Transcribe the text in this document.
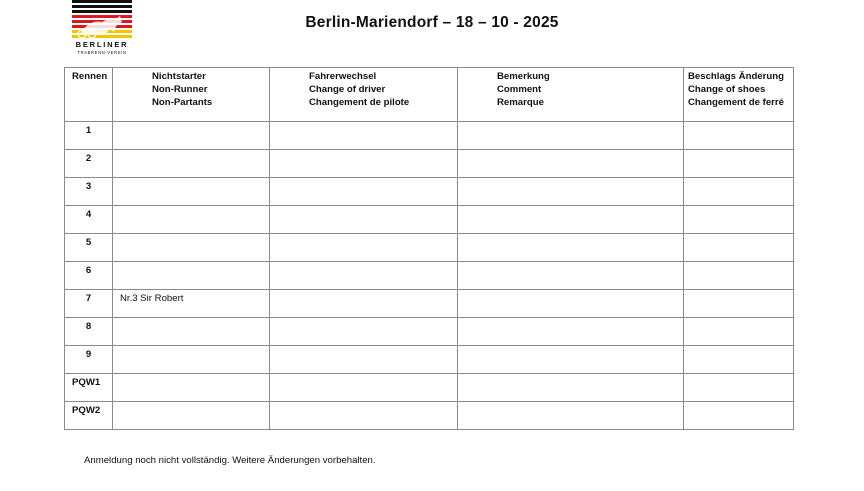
BERLINER
TRABRENN-VEREIN
Berlin-Mariendorf – 18 – 10 - 2025
Rennen	Nichtstarter
Non-Runner
Non-Partants	Fahrerwechsel
Change of driver
Changement de pilote	Bemerkung
Comment
Remarque	Beschlags Änderung
Change of shoes
Changement de ferré

1				

2				

3				

4				

5				

6				

7	Nr.3 Sir Robert			

8				

9				

PQW1				

PQW2				

Anmeldung noch nicht vollständig. Weitere Änderungen vorbehalten.
